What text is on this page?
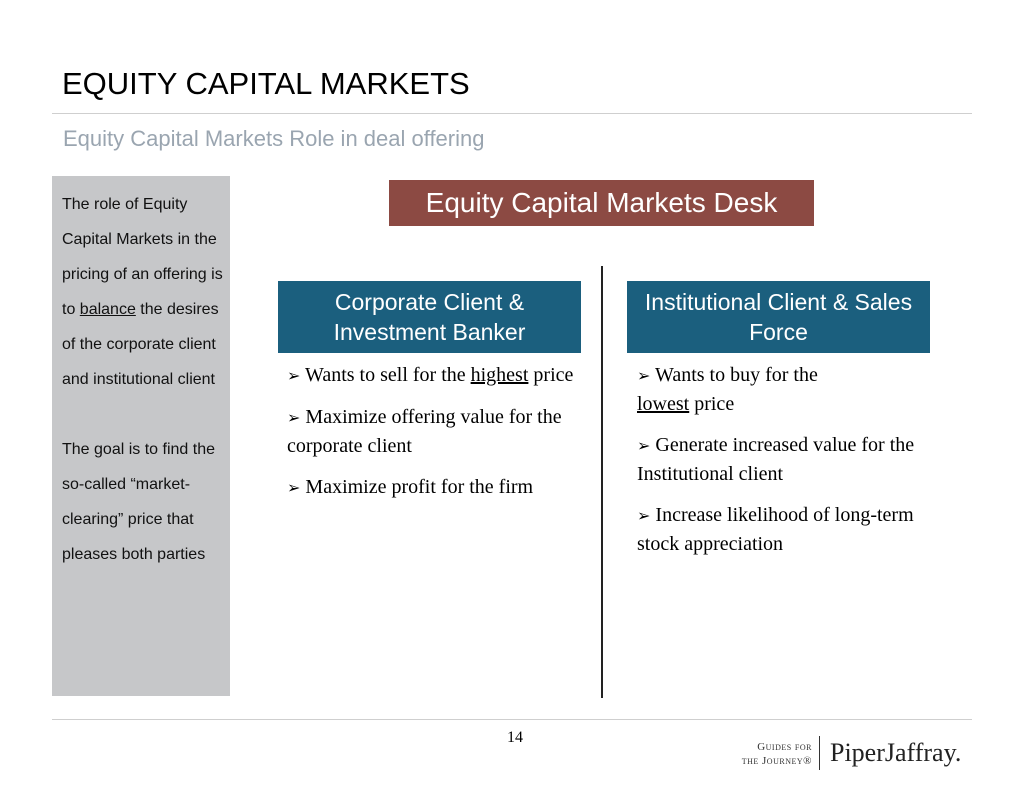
EQUITY CAPITAL MARKETS
Equity Capital Markets Role in deal offering

The role of Equity Capital Markets in the pricing of an offering is to balance the desires of the corporate client and institutional client

The goal is to find the so-called “market-clearing” price that pleases both parties

Equity Capital Markets Desk
Corporate Client & Investment Banker
Institutional Client & Sales Force

➢ Wants to sell for the highest price

➢ Maximize offering value for the corporate client

➢ Maximize profit for the firm

➢ Wants to buy for the
lowest price

➢ Generate increased value for the Institutional client

➢ Increase likelihood of long-term stock appreciation

14
Guides for
the Journey® PiperJaffray.
